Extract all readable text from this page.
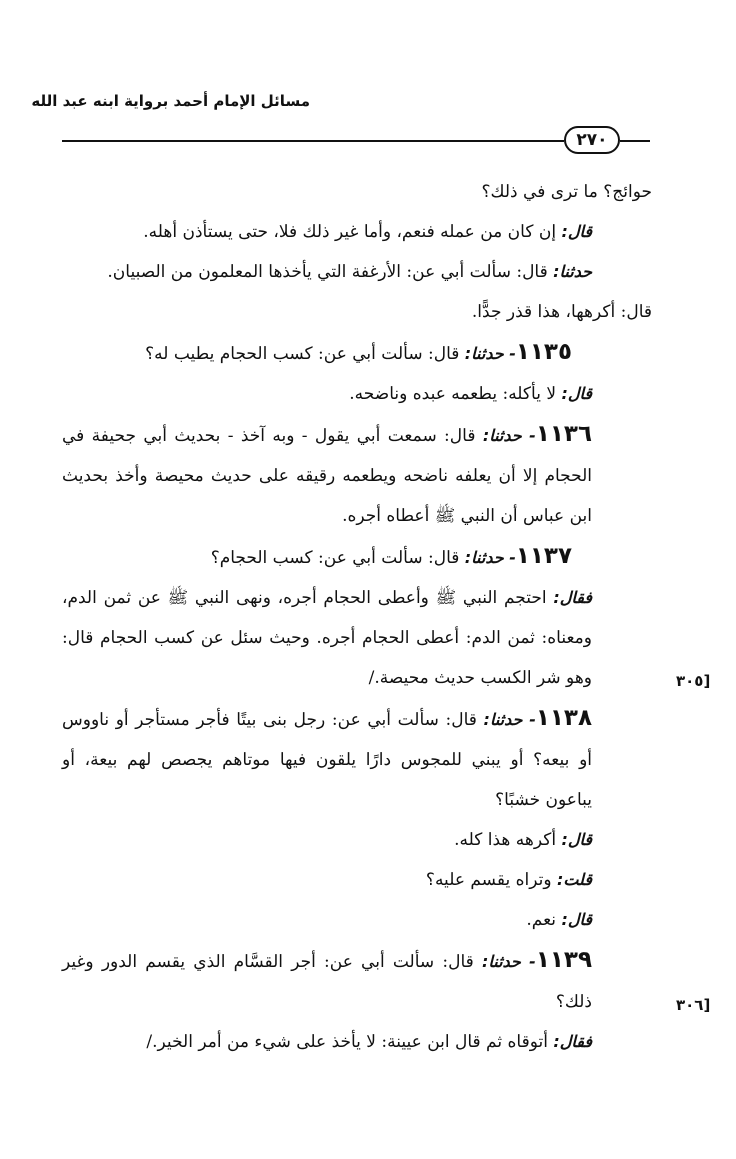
مسائل الإمام أحمد برواية ابنه عبد الله
٢٧٠

حوائج؟ ما ترى في ذلك؟

قال: إن كان من عمله فنعم، وأما غير ذلك فلا، حتى يستأذن أهله.

حدثنا: قال: سألت أبي عن: الأرغفة التي يأخذها المعلمون من الصبيان.

قال: أكرهها، هذا قذر جدًّا.

١١٣٥- حدثنا: قال: سألت أبي عن: كسب الحجام يطيب له؟

قال: لا يأكله: يطعمه عبده وناضحه.

١١٣٦- حدثنا: قال: سمعت أبي يقول - وبه آخذ - بحديث أبي جحيفة في الحجام إلا أن يعلفه ناضحه ويطعمه رقيقه على حديث محيصة وأخذ بحديث ابن عباس أن النبي ﷺ أعطاه أجره.

١١٣٧- حدثنا: قال: سألت أبي عن: كسب الحجام؟

فقال: احتجم النبي ﷺ وأعطى الحجام أجره، ونهى النبي ﷺ عن ثمن الدم، ومعناه: ثمن الدم: أعطى الحجام أجره. وحيث سئل عن كسب الحجام قال: وهو شر الكسب حديث محيصة./

١١٣٨- حدثنا: قال: سألت أبي عن: رجل بنى بيتًا فأجر مستأجر أو ناووس أو بيعه؟ أو يبني للمجوس دارًا يلقون فيها موتاهم يجصص لهم بيعة، أو يباعون خشبًا؟

قال: أكرهه هذا كله.

قلت: وتراه يقسم عليه؟

قال: نعم.

١١٣٩- حدثنا: قال: سألت أبي عن: أجر القسَّام الذي يقسم الدور وغير ذلك؟

فقال: أتوقاه ثم قال ابن عيينة: لا يأخذ على شيء من أمر الخير./

[٣٠٥
[٣٠٦
